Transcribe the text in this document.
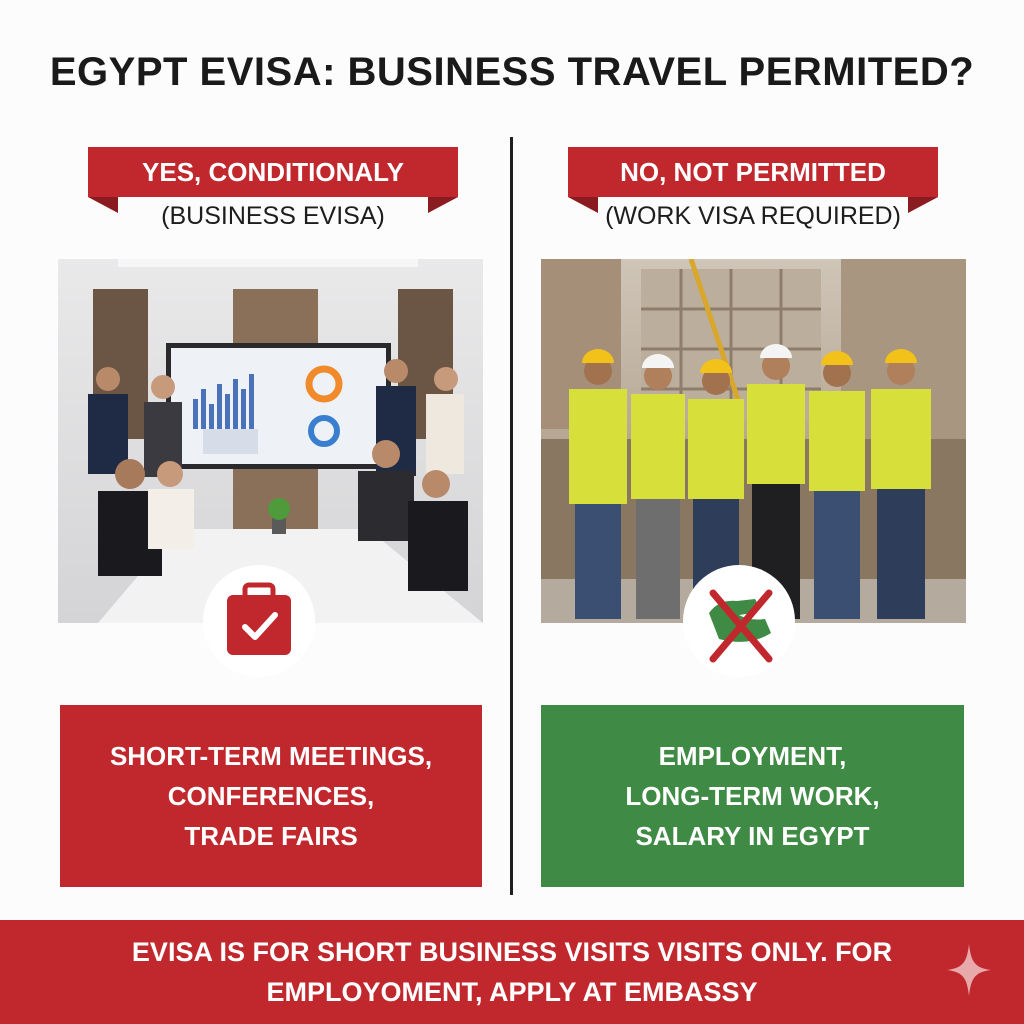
EGYPT EVISA: BUSINESS TRAVEL PERMITED?
YES, CONDITIONALY
(BUSINESS EVISA)
SHORT-TERM MEETINGS,
CONFERENCES,
TRADE FAIRS
NO, NOT PERMITTED
(WORK VISA REQUIRED)
EMPLOYMENT,
LONG-TERM WORK,
SALARY IN EGYPT
EVISA IS FOR SHORT BUSINESS VISITS VISITS ONLY. FOR
EMPLOYOMENT, APPLY AT EMBASSY
